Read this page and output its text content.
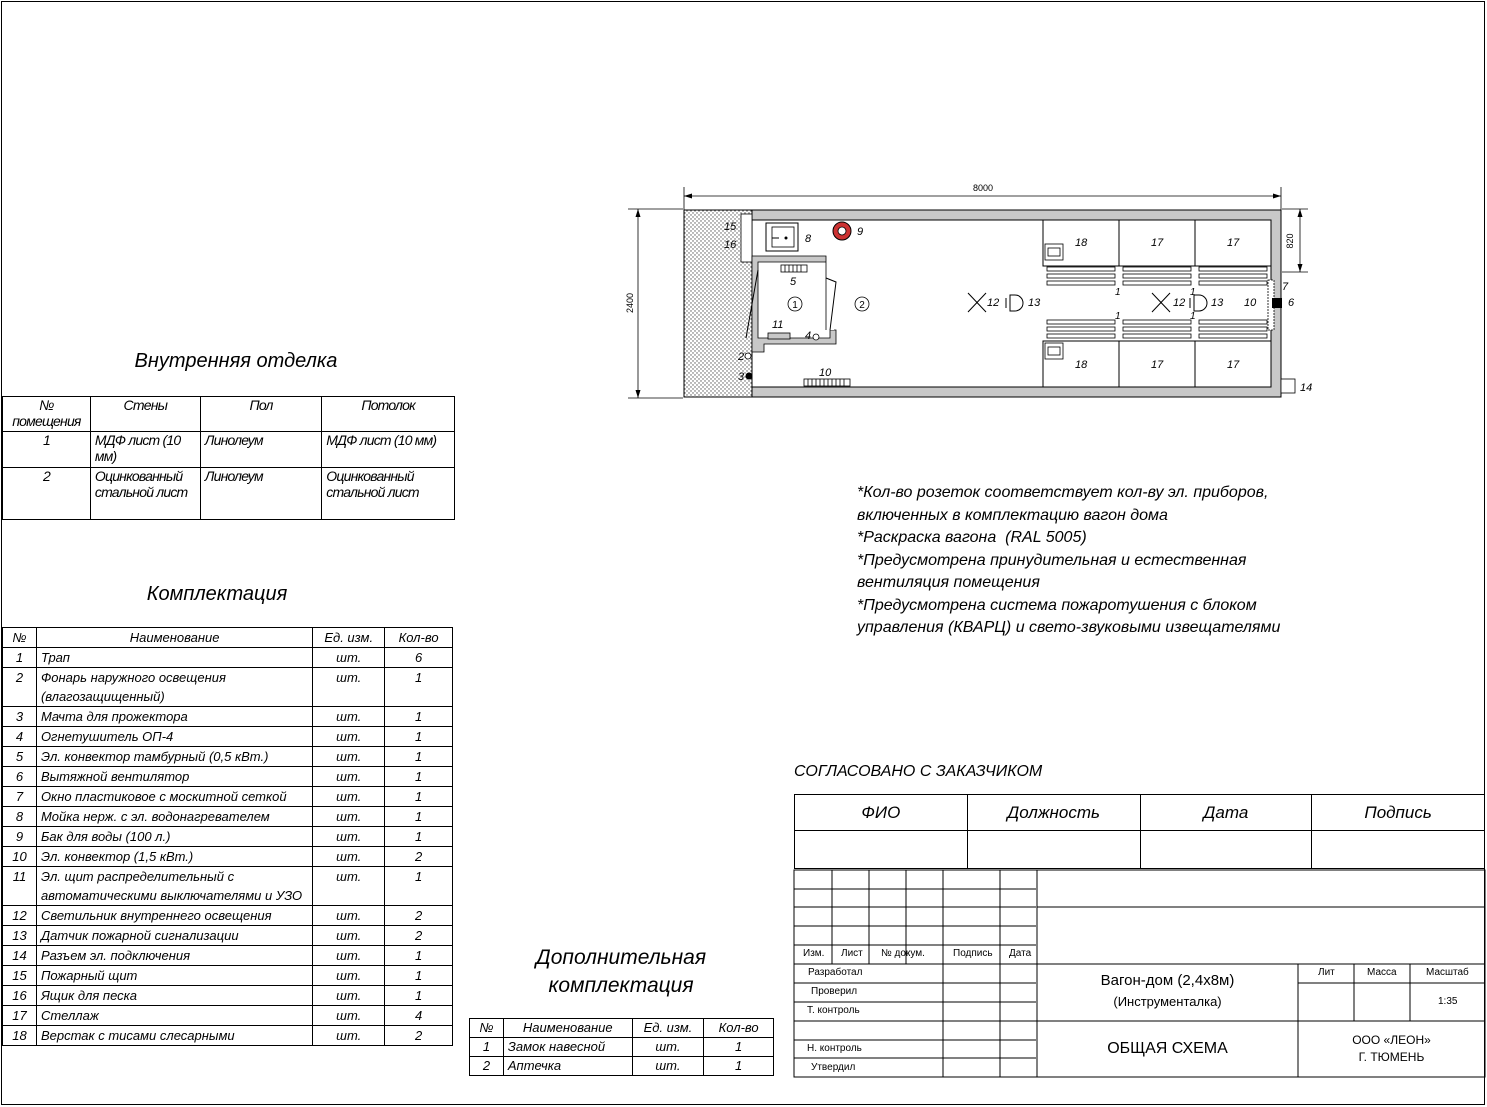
8000
2400
820
1	2
15
16	8
9
5
11
4
2
3	10
12	13	12 13 10	6
7
14
18	17	17
18	17	17
1
1
1
1
Внутренняя отделка
№ помещения	Стены	Пол	Потолок
1	МДФ лист (10 мм)	Линолеум	МДФ лист (10 мм)
2	Оцинкованный стальной лист	Линолеум	Оцинкованный стальной лист
Комплектация
№	Наименование	Ед. изм.	Кол-во
1	Трап	шт.	6
2	Фонарь наружного освещения (влагозащищенный)	шт.	1
3	Мачта для прожектора	шт.	1
4	Огнетушитель ОП-4	шт.	1
5	Эл. конвектор тамбурный (0,5 кВт.)	шт.	1
6	Вытяжной вентилятор	шт.	1
7	Окно пластиковое с москитной сеткой	шт.	1
8	Мойка нерж. с эл. водонагревателем	шт.	1
9	Бак для воды (100 л.)	шт.	1
10	Эл. конвектор (1,5 кВт.)	шт.	2
11	Эл. щит распределительный с автоматическими выключателями и УЗО	шт.	1
12	Светильник внутреннего освещения	шт.	2
13	Датчик пожарной сигнализации	шт.	2
14	Разъем эл. подключения	шт.	1
15	Пожарный щит	шт.	1
16	Ящик для песка	шт.	1
17	Стеллаж	шт.	4
18	Верстак с тисами слесарными	шт.	2
Дополнительная комплектация
№	Наименование	Ед. изм.	Кол-во
1	Замок навесной	шт.	1
2	Аптечка	шт.	1
*Кол-во розеток соответствует кол-ву эл. приборов, включенных в комплектацию вагон дома
*Раскраска вагона  (RAL 5005)
*Предусмотрена принудительная и естественная вентиляция помещения
*Предусмотрена система пожаротушения с блоком управления (КВАРЦ) и свето-звуковыми извещателями
СОГЛАСОВАНО С ЗАКАЗЧИКОМ
ФИО	Должность	Дата	Подпись

Изм. Лист № докум.	Подпись Дата
Разработал
Проверил
Т. контроль
Н. контроль
Утвердил
Вагон-дом (2,4х8м)
(Инструменталка)
Лит	Масса	Масштаб
1:35
ОБЩАЯ СХЕМА	ООО «ЛЕОН»
Г. ТЮМЕНЬ
